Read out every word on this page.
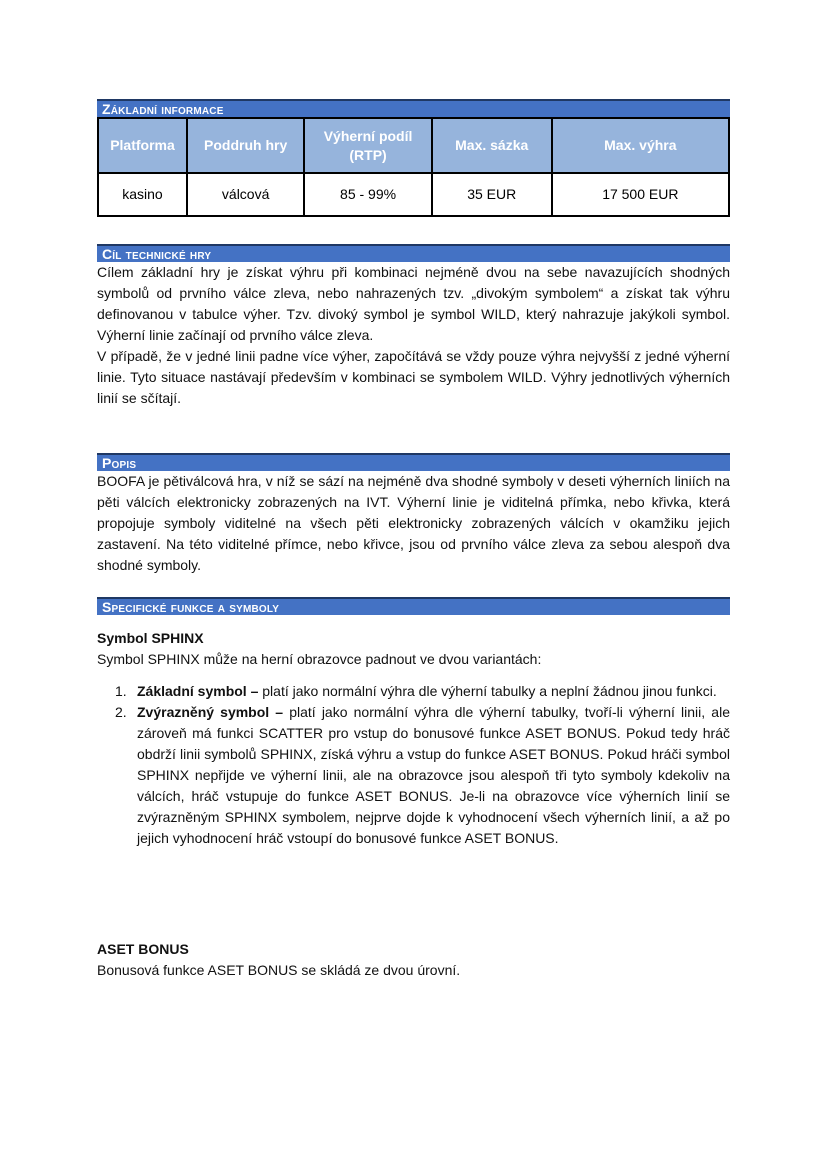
Základní informace
Platforma	Poddruh hry	Výherní podíl (RTP)	Max. sázka	Max. výhra
kasino	válcová	85 - 99%	35 EUR	17 500 EUR
Cíl technické hry

Cílem základní hry je získat výhru při kombinaci nejméně dvou na sebe navazujících shodných symbolů od prvního válce zleva, nebo nahrazených tzv. „divokým symbolem“ a získat tak výhru definovanou v tabulce výher. Tzv. divoký symbol je symbol WILD, který nahrazuje jakýkoli symbol. Výherní linie začínají od prvního válce zleva.

V případě, že v jedné linii padne více výher, započítává se vždy pouze výhra nejvyšší z jedné výherní linie. Tyto situace nastávají především v kombinaci se symbolem WILD. Výhry jednotlivých výherních linií se sčítají.

Popis

BOOFA je pětiválcová hra, v níž se sází na nejméně dva shodné symboly v deseti výherních liniích na pěti válcích elektronicky zobrazených na IVT. Výherní linie je viditelná přímka, nebo křivka, která propojuje symboly viditelné na všech pěti elektronicky zobrazených válcích v okamžiku jejich zastavení. Na této viditelné přímce, nebo křivce, jsou od prvního válce zleva za sebou alespoň dva shodné symboly.

Specifické funkce a symboly
Symbol SPHINX

Symbol SPHINX může na herní obrazovce padnout ve dvou variantách:

1. Základní symbol – platí jako normální výhra dle výherní tabulky a neplní žádnou jinou funkci.
2. Zvýrazněný symbol – platí jako normální výhra dle výherní tabulky, tvoří-li výherní linii, ale zároveň má funkci SCATTER pro vstup do bonusové funkce ASET BONUS. Pokud tedy hráč obdrží linii symbolů SPHINX, získá výhru a vstup do funkce ASET BONUS. Pokud hráči symbol SPHINX nepřijde ve výherní linii, ale na obrazovce jsou alespoň tři tyto symboly kdekoliv na válcích, hráč vstupuje do funkce ASET BONUS. Je-li na obrazovce více výherních linií se zvýrazněným SPHINX symbolem, nejprve dojde k vyhodnocení všech výherních linií, a až po jejich vyhodnocení hráč vstoupí do bonusové funkce ASET BONUS.
ASET BONUS

Bonusová funkce ASET BONUS se skládá ze dvou úrovní.
